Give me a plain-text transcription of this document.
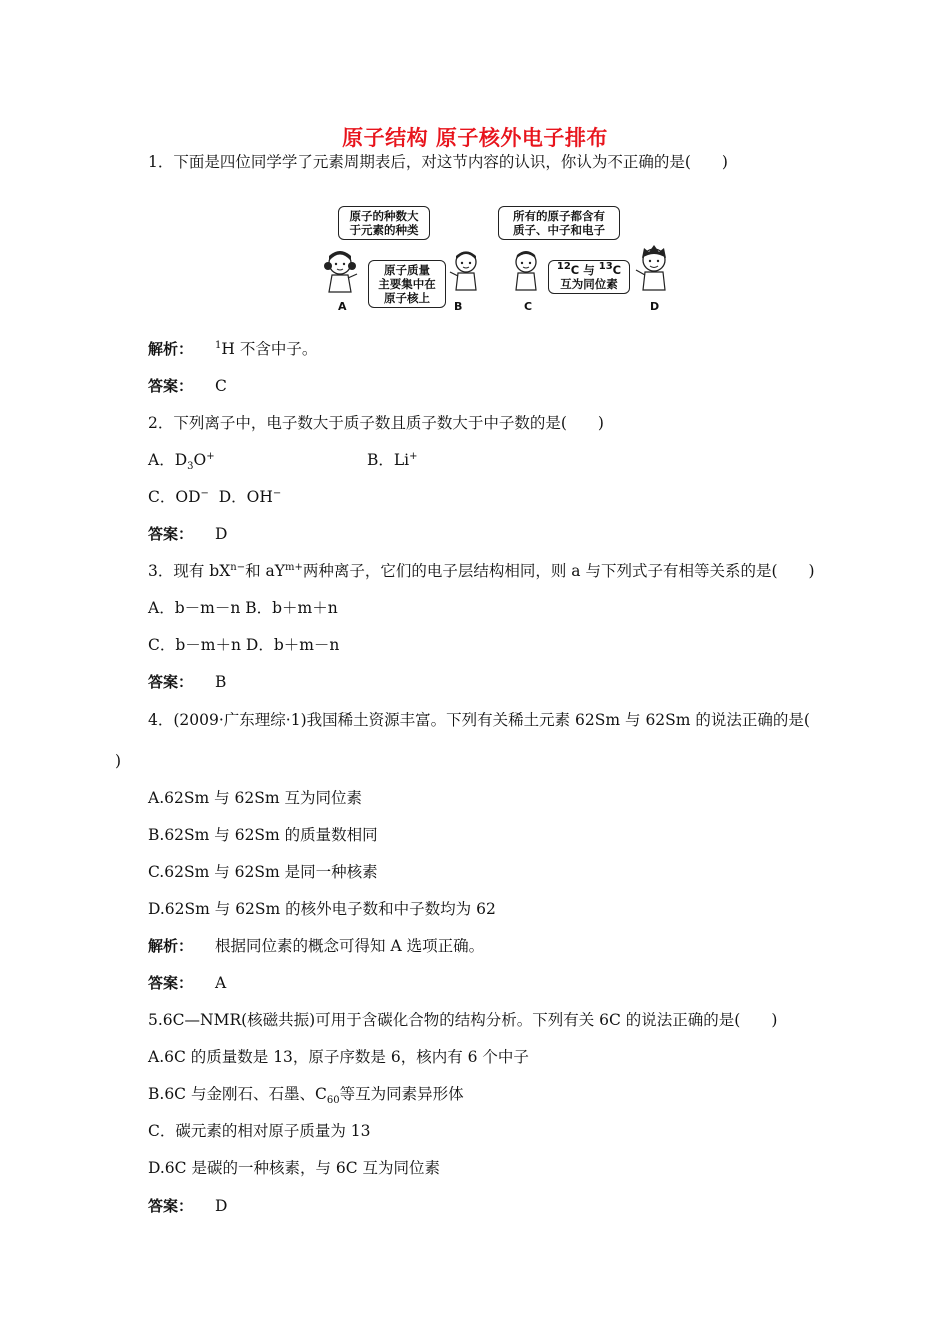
原子结构 原子核外电子排布
1．下面是四位同学学了元素周期表后，对这节内容的认识，你认为不正确的是(　　)
原子的种数大
于元素的种类
所有的原子都含有
质子、中子和电子
原子质量
主要集中在
原子核上
$^{12}$C 与 $^{13}$C
互为同位素
A	B	C	D
解析： $^1$H 不含中子。
答案： C
2．下列离子中，电子数大于质子数且质子数大于中子数的是(　　)
A．$D_3O^+$	B．Li+
C．OD− D．OH−
答案： D
3．现有 $bX^{n-}$和 $aY^{m+}$两种离子，它们的电子层结构相同，则 a 与下列式子有相等关系的是(　　)
A．b－m－n B．b＋m＋n
C．b－m＋n D．b＋m－n
答案： B
4．(2009·广东理综·1)我国稀土资源丰富。下列有关稀土元素 62Sm 与 62Sm 的说法正确的是(
)
A.62Sm 与 62Sm 互为同位素
B.62Sm 与 62Sm 的质量数相同
C.62Sm 与 62Sm 是同一种核素
D.62Sm 与 62Sm 的核外电子数和中子数均为 62
解析： 根据同位素的概念可得知 A 选项正确。
答案： A
5.6C—NMR(核磁共振)可用于含碳化合物的结构分析。下列有关 6C 的说法正确的是(　　)
A.6C 的质量数是 13，原子序数是 6，核内有 6 个中子
B.6C 与金刚石、石墨、$C_{60}$等互为同素异形体
C．碳元素的相对原子质量为 13
D.6C 是碳的一种核素，与 6C 互为同位素
答案： D
